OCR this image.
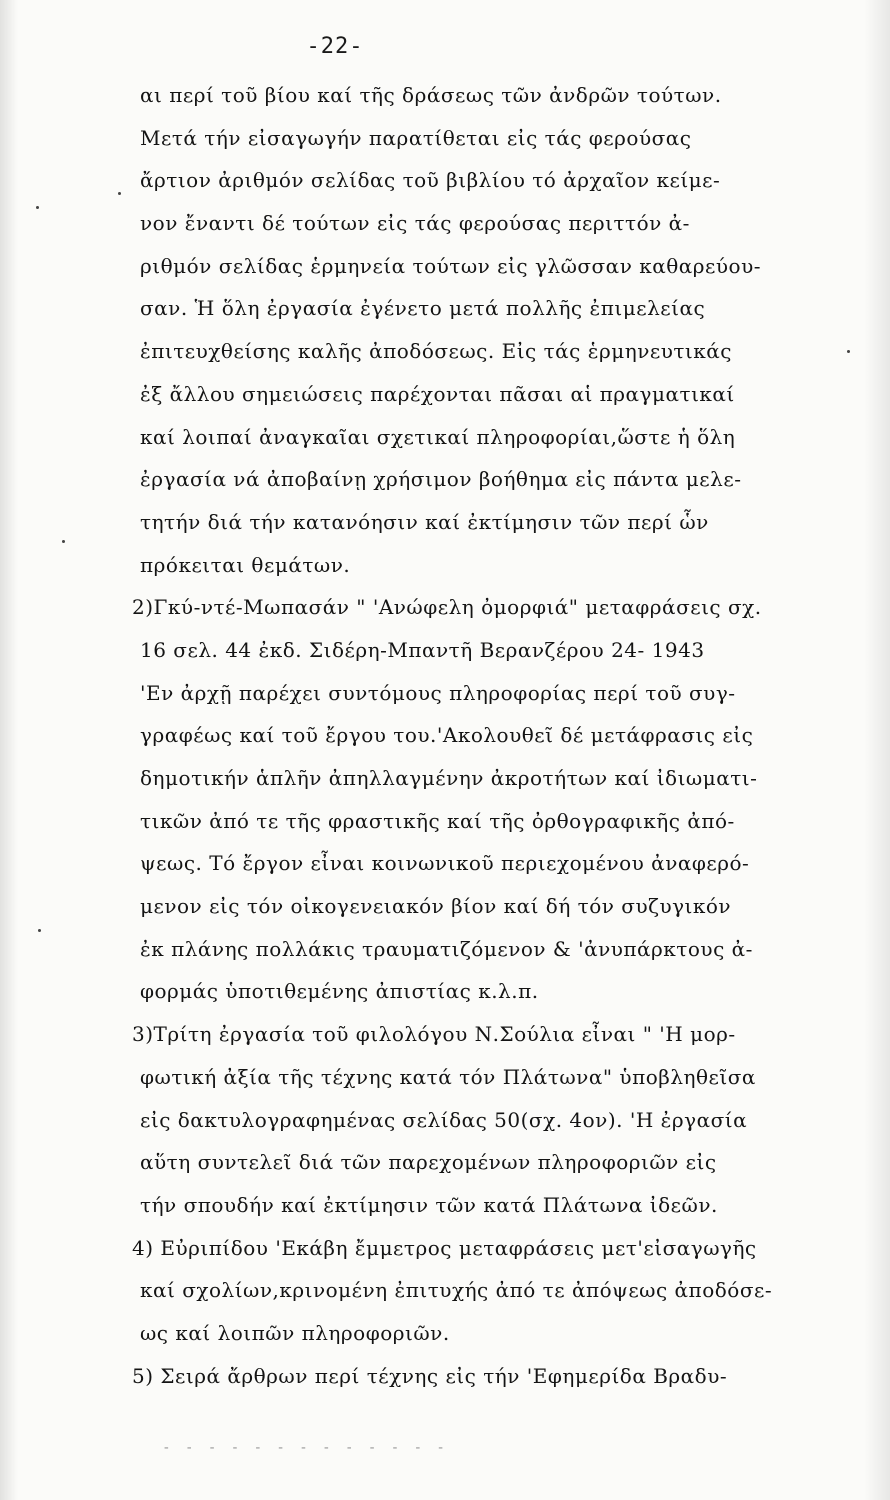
-22-
αι περί τοῦ βίου καί τῆς δράσεως τῶν ἀνδρῶν τούτων.
Μετά τήν εἰσαγωγήν παρατίθεται εἰς τάς φερούσας
ἄρτιον ἀριθμόν σελίδας τοῦ βιβλίου τό ἀρχαῖον κείμε-
νον ἔναντι δέ τούτων εἰς τάς φερούσας περιττόν ἀ-
ριθμόν σελίδας ἑρμηνεία τούτων εἰς γλῶσσαν καθαρεύου-
σαν. Ἡ ὅλη ἐργασία ἐγένετο μετά πολλῆς ἐπιμελείας
ἐπιτευχθείσης καλῆς ἀποδόσεως. Εἰς τάς ἑρμηνευτικάς
ἐξ ἄλλου σημειώσεις παρέχονται πᾶσαι αἱ πραγματικαί
καί λοιπαί ἀναγκαῖαι σχετικαί πληροφορίαι,ὥστε ἡ ὅλη
ἐργασία νά ἀποβαίνῃ χρήσιμον βοήθημα εἰς πάντα μελε-
τητήν διά τήν κατανόησιν καί ἐκτίμησιν τῶν περί ὧν
πρόκειται θεμάτων.
2)Γκύ-ντέ-Μωπασάν " 'Ανώφελη ὀμορφιά" μεταφράσεις σχ.
16 σελ. 44 ἐκδ. Σιδέρη-Μπαντῆ Βερανζέρου 24- 1943
'Εν ἀρχῇ παρέχει συντόμους πληροφορίας περί τοῦ συγ-
γραφέως καί τοῦ ἔργου του.'Ακολουθεῖ δέ μετάφρασις εἰς
δημοτικήν ἁπλῆν ἀπηλλαγμένην ἀκροτήτων καί ἰδιωματι-
τικῶν ἀπό τε τῆς φραστικῆς καί τῆς ὀρθογραφικῆς ἀπό-
ψεως. Τό ἔργον εἶναι κοινωνικοῦ περιεχομένου ἀναφερό-
μενον εἰς τόν οἰκογενειακόν βίον καί δή τόν συζυγικόν
ἐκ πλάνης πολλάκις τραυματιζόμενον & 'ἀνυπάρκτους ἀ-
φορμάς ὑποτιθεμένης ἀπιστίας κ.λ.π.
3)Τρίτη ἐργασία τοῦ φιλολόγου Ν.Σούλια εἶναι " 'Η μορ-
φωτική ἀξία τῆς τέχνης κατά τόν Πλάτωνα" ὑποβληθεῖσα
εἰς δακτυλογραφημένας σελίδας 50(σχ. 4ον). 'Η ἐργασία
αὕτη συντελεῖ διά τῶν παρεχομένων πληροφοριῶν εἰς
τήν σπουδήν καί ἐκτίμησιν τῶν κατά Πλάτωνα ἰδεῶν.
4) Εὐριπίδου 'Εκάβη ἔμμετρος μεταφράσεις μετ'εἰσαγωγῆς
καί σχολίων,κρινομένη ἐπιτυχής ἀπό τε ἀπόψεως ἀποδόσε-
ως καί λοιπῶν πληροφοριῶν.
5) Σειρά ἄρθρων περί τέχνης εἰς τήν 'Εφημερίδα Βραδυ-
- - - - - - - - - - - - -
